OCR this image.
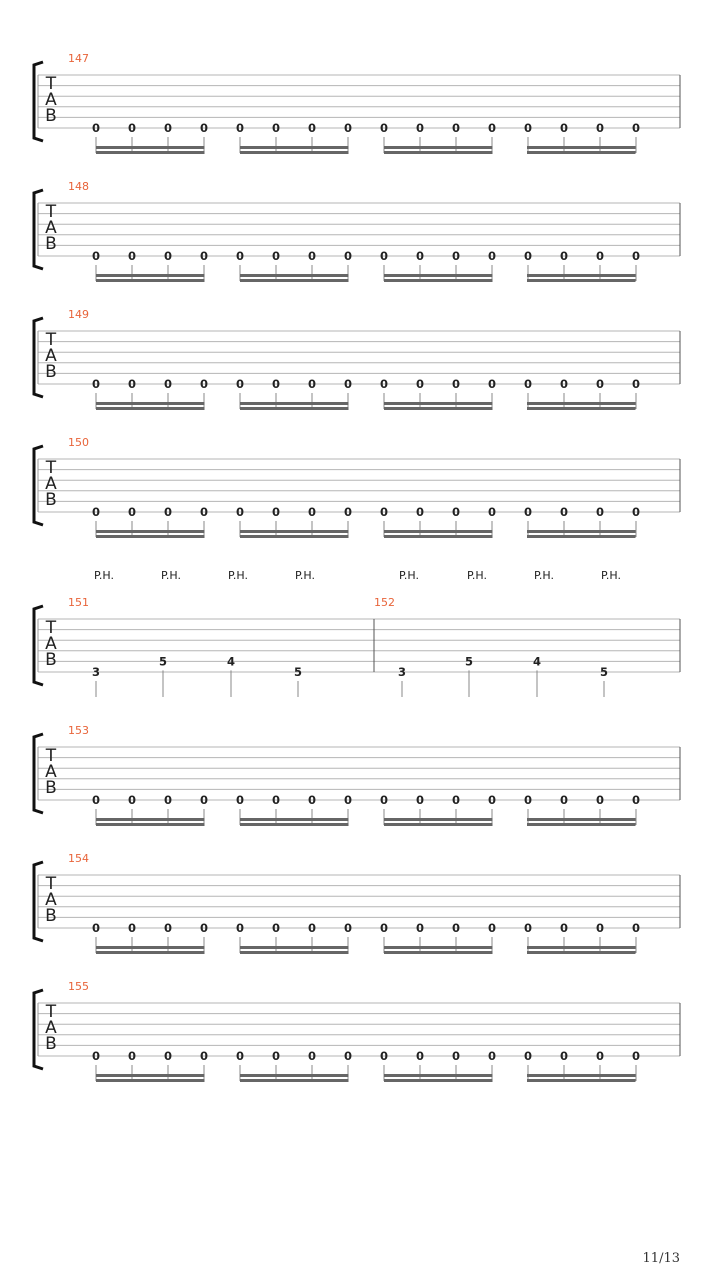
T
A
B
147
0 0 0 0 0 0 0 0 0 0 0 0 0 0 0 0
T
A
B
148
0 0 0 0 0 0 0 0 0 0 0 0 0 0 0 0
T
A
B
149
0 0 0 0 0 0 0 0 0 0 0 0 0 0 0 0
T
A
B
150
0 0 0 0 0 0 0 0 0 0 0 0 0 0 0 0
T
A
B
151
3
5	4
5
P.H.	P.H.	P.H.	P.H.
152
3
5	4
5
P.H.	P.H.	P.H.	P.H.
T
A
B
153
0 0 0 0 0 0 0 0 0 0 0 0 0 0 0 0
T
A
B
154
0 0 0 0 0 0 0 0 0 0 0 0 0 0 0 0
T
A
B
155
0 0 0 0 0 0 0 0 0 0 0 0 0 0 0 0
11/13
